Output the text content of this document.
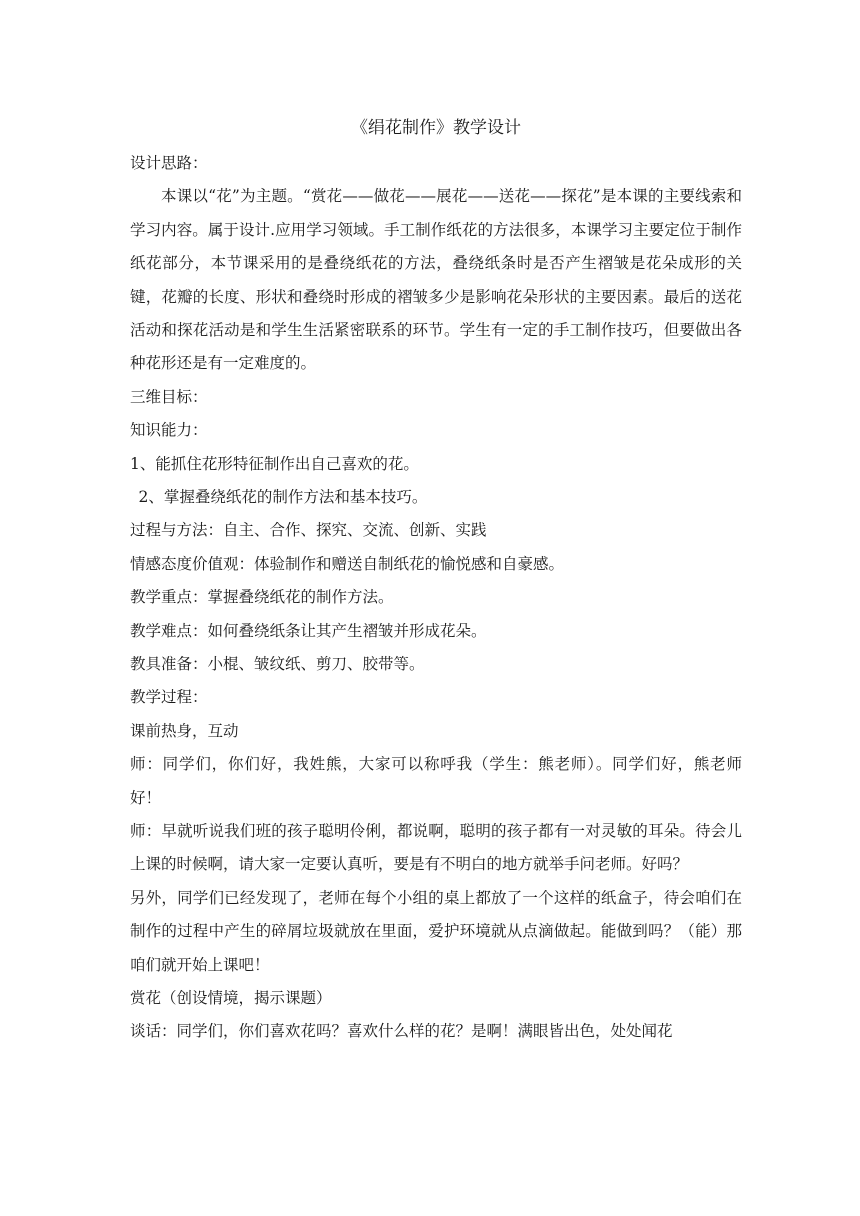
《绢花制作》教学设计
设计思路：

本课以“花”为主题。“赏花——做花——展花——送花——探花”是本课的主要线索和学习内容。属于设计.应用学习领域。手工制作纸花的方法很多，本课学习主要定位于制作纸花部分，本节课采用的是叠绕纸花的方法，叠绕纸条时是否产生褶皱是花朵成形的关键，花瓣的长度、形状和叠绕时形成的褶皱多少是影响花朵形状的主要因素。最后的送花活动和探花活动是和学生生活紧密联系的环节。学生有一定的手工制作技巧，但要做出各种花形还是有一定难度的。

三维目标：
知识能力：
1、能抓住花形特征制作出自己喜欢的花。
2、掌握叠绕纸花的制作方法和基本技巧。
过程与方法：自主、合作、探究、交流、创新、实践
情感态度价值观：体验制作和赠送自制纸花的愉悦感和自豪感。
教学重点：掌握叠绕纸花的制作方法。
教学难点：如何叠绕纸条让其产生褶皱并形成花朵。
教具准备：小棍、皱纹纸、剪刀、胶带等。
教学过程：
课前热身，互动

师：同学们，你们好，我姓熊，大家可以称呼我（学生：熊老师）。同学们好，熊老师好！

师：早就听说我们班的孩子聪明伶俐，都说啊，聪明的孩子都有一对灵敏的耳朵。待会儿上课的时候啊，请大家一定要认真听，要是有不明白的地方就举手问老师。好吗？

另外，同学们已经发现了，老师在每个小组的桌上都放了一个这样的纸盒子，待会咱们在制作的过程中产生的碎屑垃圾就放在里面，爱护环境就从点滴做起。能做到吗？（能）那咱们就开始上课吧！

赏花（创设情境，揭示课题）
谈话：同学们，你们喜欢花吗？喜欢什么样的花？是啊！满眼皆出色，处处闻花
